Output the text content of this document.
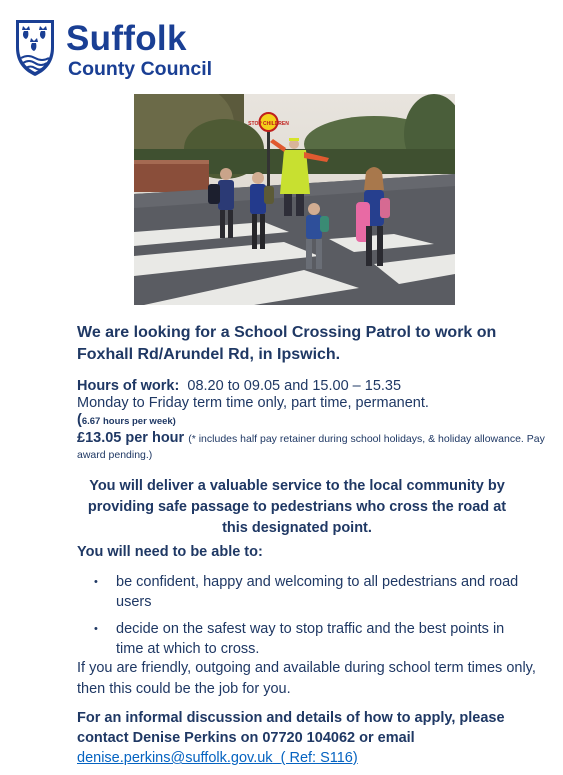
Suffolk
County Council
STOP CHILDREN
We are looking for a School Crossing Patrol to work on Foxhall Rd/Arundel Rd, in Ipswich.
Hours of work: 08.20 to 09.05 and 15.00 – 15.35
Monday to Friday term time only, part time, permanent.
(6.67 hours per week)
£13.05 per hour (* includes half pay retainer during school holidays, & holiday allowance. Pay award pending.)
You will deliver a valuable service to the local community by providing safe passage to pedestrians who cross the road at this designated point.
You will need to be able to:
• be confident, happy and welcoming to all pedestrians and road users
• decide on the safest way to stop traffic and the best points in time at which to cross.
If you are friendly, outgoing and available during school term times only, then this could be the job for you.
For an informal discussion and details of how to apply, please contact Denise Perkins on 07720 104062 or email denise.perkins@suffolk.gov.uk ( Ref: S116)
